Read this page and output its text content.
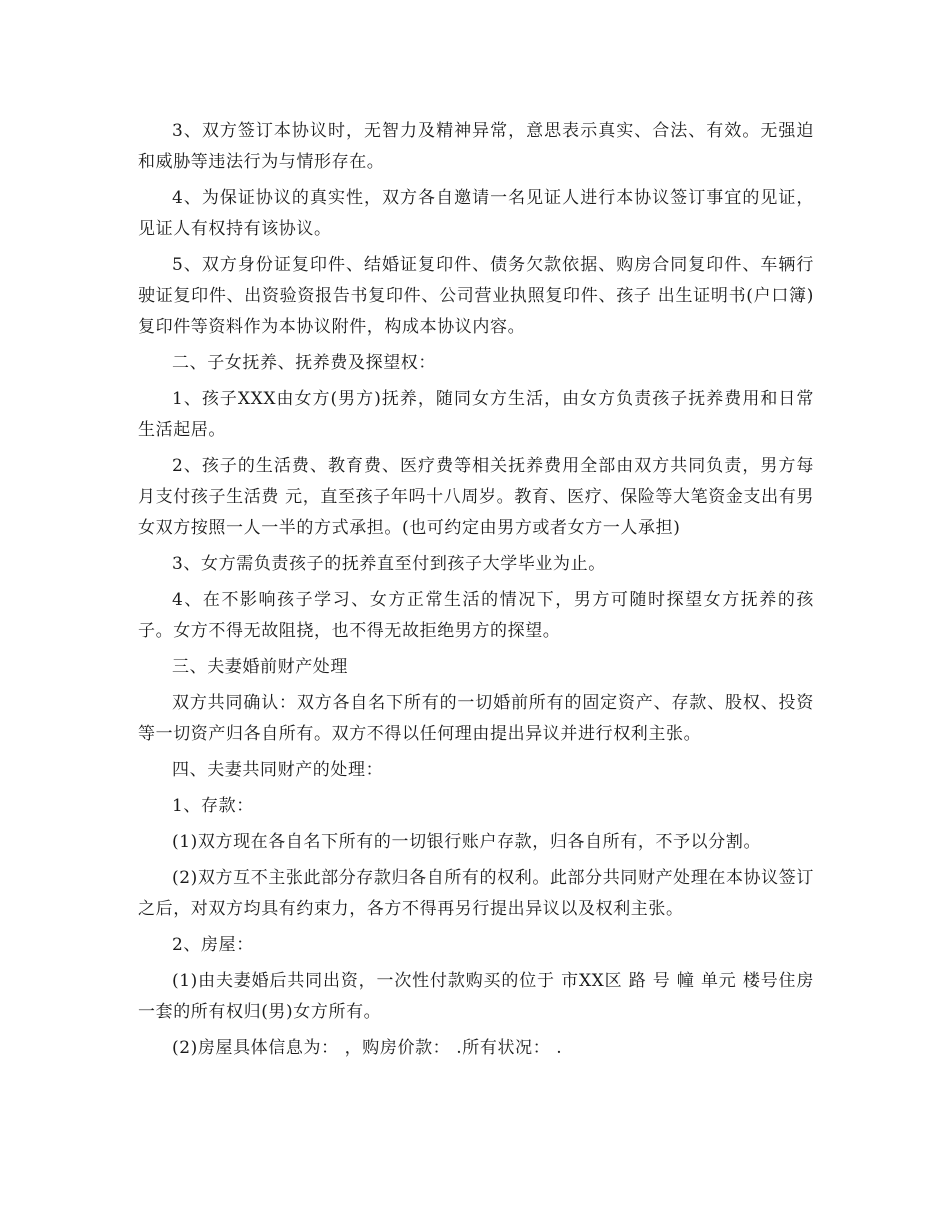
3、双方签订本协议时，无智力及精神异常，意思表示真实、合法、有效。无强迫和威胁等违法行为与情形存在。

4、为保证协议的真实性，双方各自邀请一名见证人进行本协议签订事宜的见证，见证人有权持有该协议。

5、双方身份证复印件、结婚证复印件、债务欠款依据、购房合同复印件、车辆行驶证复印件、出资验资报告书复印件、公司营业执照复印件、孩子 出生证明书(户口簿)复印件等资料作为本协议附件，构成本协议内容。

二、子女抚养、抚养费及探望权：

1、孩子XXX由女方(男方)抚养，随同女方生活，由女方负责孩子抚养费用和日常生活起居。

2、孩子的生活费、教育费、医疗费等相关抚养费用全部由双方共同负责，男方每月支付孩子生活费 元，直至孩子年吗十八周岁。教育、医疗、保险等大笔资金支出有男女双方按照一人一半的方式承担。(也可约定由男方或者女方一人承担)

3、女方需负责孩子的抚养直至付到孩子大学毕业为止。

4、在不影响孩子学习、女方正常生活的情况下，男方可随时探望女方抚养的孩子。女方不得无故阻挠，也不得无故拒绝男方的探望。

三、夫妻婚前财产处理

双方共同确认：双方各自名下所有的一切婚前所有的固定资产、存款、股权、投资等一切资产归各自所有。双方不得以任何理由提出异议并进行权利主张。

四、夫妻共同财产的处理：

1、存款：

(1)双方现在各自名下所有的一切银行账户存款，归各自所有，不予以分割。

(2)双方互不主张此部分存款归各自所有的权利。此部分共同财产处理在本协议签订之后，对双方均具有约束力，各方不得再另行提出异议以及权利主张。

2、房屋：

(1)由夫妻婚后共同出资，一次性付款购买的位于 市XX区 路 号 幢 单元 楼号住房一套的所有权归(男)女方所有。

(2)房屋具体信息为： ，购房价款： .所有状况： .
